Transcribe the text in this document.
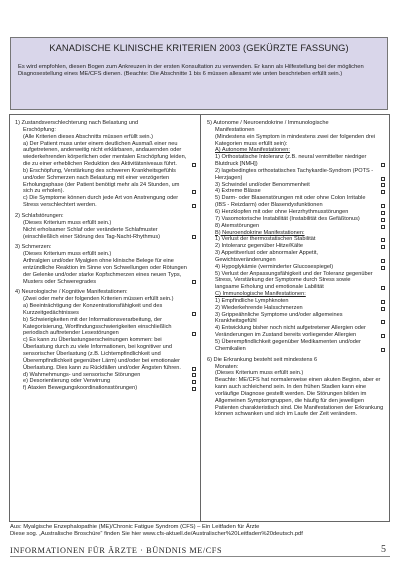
KANADISCHE KLINISCHE KRITERIEN 2003 (GEKÜRZTE FASSUNG)
Es wird empfohlen, diesen Bogen zum Ankreuzen in der ersten Konsultation zu verwenden. Er kann als Hilfestellung bei der möglichen Diagnosestellung eines ME/CFS dienen. (Beachte: Die Abschnitte 1 bis 6 müssen allesamt wie unten beschrieben erfüllt sein.)
1) Zustandsverschlechterung nach Belastung und
Erschöpfung:
(Alle Kriterien dieses Abschnitts müssen erfüllt sein.)
a) Der Patient muss unter einem deutlichen Ausmaß einer neu aufgetretenen, anderweitig nicht erklärbaren, andauernden oder wiederkehrenden körperlichen oder mentalen Erschöpfung leiden, die zu einer erheblichen Reduktion des Aktivitätsniveaus führt.
b) Erschöpfung, Verstärkung des schweren Krankheitsgefühls und/oder Schmerzen nach Belastung mit einer verzögerten Erholungsphase (der Patient benötigt mehr als 24 Stunden, um sich zu erholen).
c) Die Symptome können durch jede Art von Anstrengung oder Stress verschlechtert werden.
2) Schlafstörungen:
(Dieses Kriterium muss erfüllt sein.)
Nicht erholsamer Schlaf oder veränderte Schlafmuster (einschließlich einer Störung des Tag-Nacht-Rhythmus)
3) Schmerzen:
(Dieses Kriterium muss erfüllt sein.)
Arthralgien und/oder Myalgien ohne klinische Belege für eine entzündliche Reaktion im Sinne von Schwellungen oder Rötungen der Gelenke und/oder starke Kopfschmerzen eines neuen Typs, Musters oder Schweregrades
4) Neurologische / Kognitive Manifestationen:
(Zwei oder mehr der folgenden Kriterien müssen erfüllt sein.)
a) Beeinträchtigung der Konzentrationsfähigkeit und des Kurzzeitgedächtnisses
b) Schwierigkeiten mit der Informationsverarbeitung, der Kategorisierung, Wortfindungsschwierigkeiten einschließlich periodisch auftretender Lesestörungen
c) Es kann zu Überlastungserscheinungen kommen: bei Überlastung durch zu viele Informationen, bei kognitiver und sensorischer Überlastung (z.B. Lichtempfindlichkeit und Überempfindlichkeit gegenüber Lärm) und/oder bei emotionaler Überlastung. Dies kann zu Rückfällen und/oder Ängsten führen.
d) Wahrnehmungs- und sensorische Störungen
e) Desorientierung oder Verwirrung
f) Ataxien Bewegungskoordinationsstörungen)
5) Autonome / Neuroendokrine / Immunologische
Manifestationen
(Mindestens ein Symptom in mindestens zwei der folgenden drei Kategorien muss erfüllt sein):
A) Autonome Manifestationen:
1) Orthostatische Intoleranz (z.B. neural vermittelter niedriger Blutdruck [NMH])
2) lagebedingtes orthostatisches Tachykardie-Syndrom (POTS - Herzjagen)
3) Schwindel und/oder Benommenheit
4) Extreme Blässe
5) Darm- oder Blasenstörungen mit oder ohne Colon Irritable (IBS - Reizdarm) oder Blasendysfunktionen
6) Herzklopfen mit oder ohne Herzrhythmusstörungen
7) Vasomotorische Instabilität (Instabilität des Gefäßtonus)
8) Atemstörungen
B) Neuroendokrine Manifestationen:
1) Verlust der thermostatischen Stabilität
2) Intoleranz gegenüber Hitze/Kälte
3) Appetitverlust oder abnormaler Appetit, Gewichtsveränderungen
4) Hypoglykämie (verminderter Glucosespiegel)
5) Verlust der Anpassungsfähigkeit und der Toleranz gegenüber Stress, Verstärkung der Symptome durch Stress sowie langsame Erholung und emotionale Labilität
C) Immunologische Manifestationen:
1) Empfindliche Lymphknoten
2) Wiederkehrende Halsschmerzen
3) Grippeähnliche Symptome und/oder allgemeines Krankheitsgefühl
4) Entwicklung bisher noch nicht aufgetretener Allergien oder Veränderungen im Zustand bereits vorliegender Allergien
5) Überempfindlichkeit gegenüber Medikamenten und/oder Chemikalien
6) Die Erkrankung besteht seit mindestens 6
Monaten:
(Dieses Kriterium muss erfüllt sein.)
Beachte: ME/CFS hat normalerweise einen akuten Beginn, aber er kann auch schleichend sein. In den frühen Stadien kann eine vorläufige Diagnose gestellt werden. Die Störungen bilden im Allgemeinen Symptomgruppen, die häufig für den jeweiligen Patienten charakteristisch sind. Die Manifestationen der Erkrankung können schwanken und sich im Laufe der Zeit verändern.
Aus: Myalgische Enzephalopathie (ME)/Chronic Fatigue Syndrom (CFS) – Ein Leitfaden für Ärzte
Diese sog. „Australische Broschüre“ finden Sie hier www.cfs-aktuell.de/Australischer%20Leitfaden%20deutsch.pdf
INFORMATIONEN FÜR ÄRZTE · BÜNDNIS ME/CFS	5
